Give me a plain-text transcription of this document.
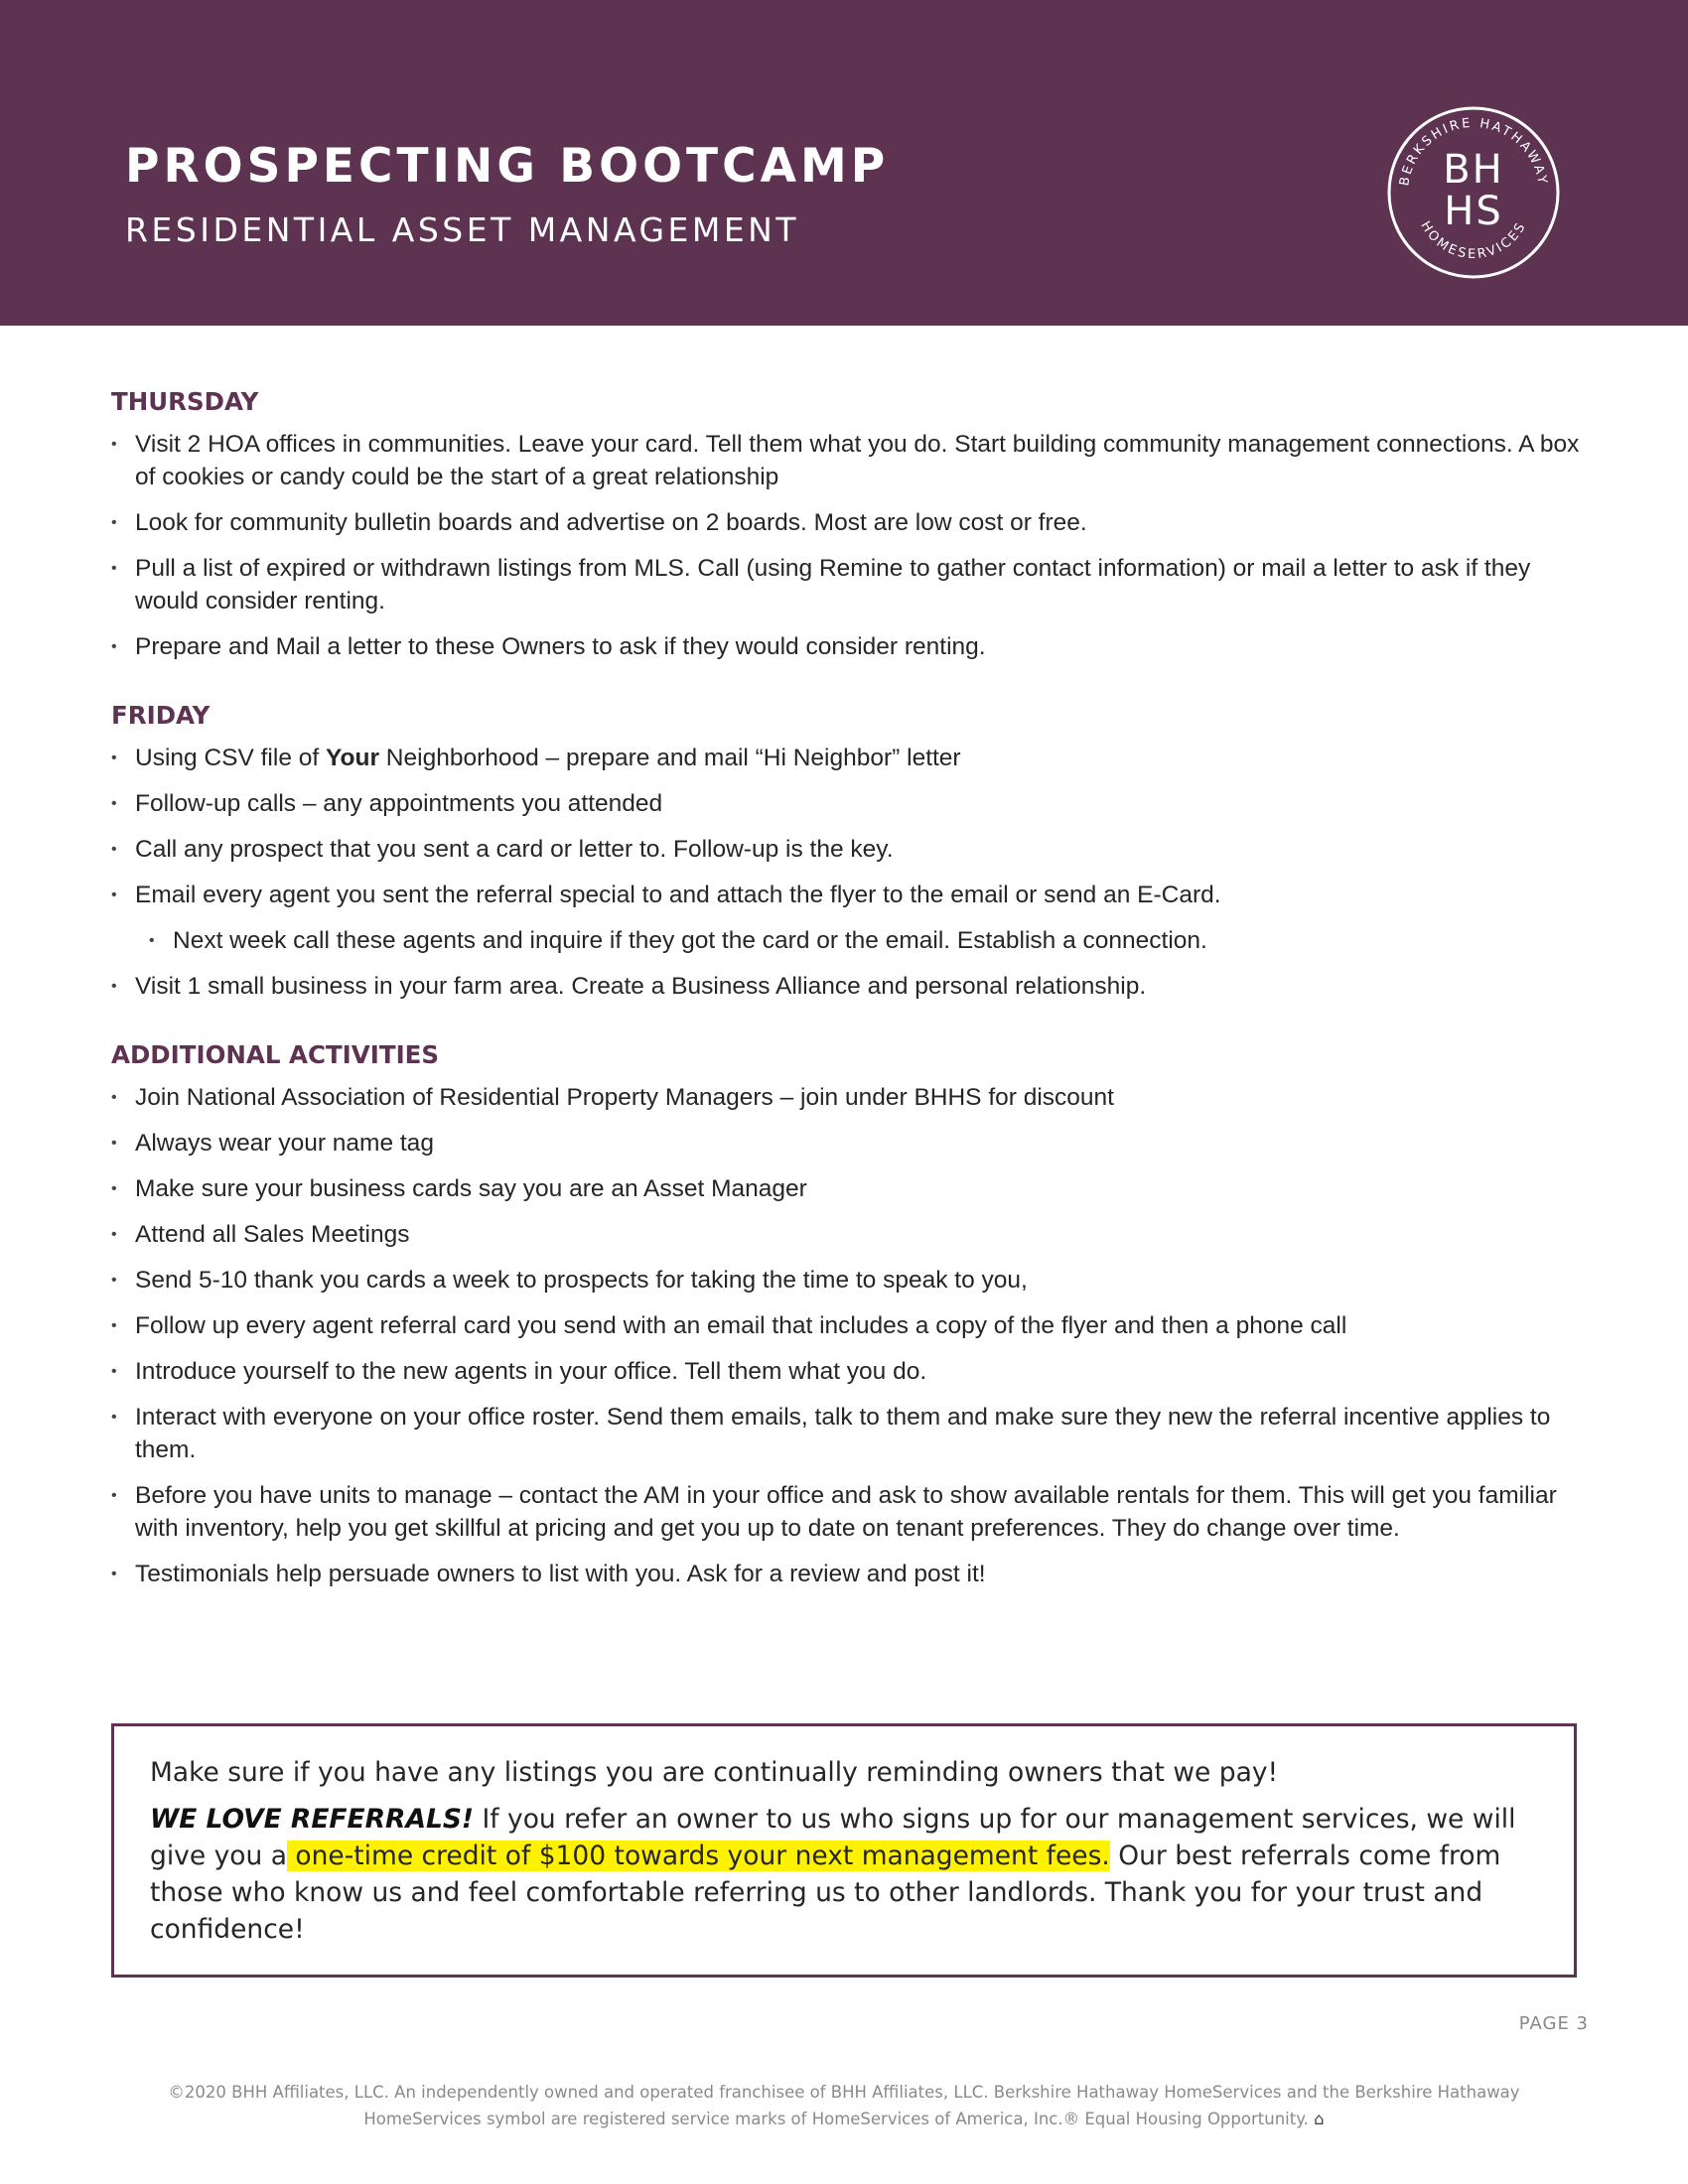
PROSPECTING BOOTCAMP
RESIDENTIAL ASSET MANAGEMENT
BERKSHIRE HATHAWAY
HOMESERVICES
BH
HS
THURSDAY
• Visit 2 HOA offices in communities. Leave your card. Tell them what you do. Start building community management connections. A box of cookies or candy could be the start of a great relationship
• Look for community bulletin boards and advertise on 2 boards. Most are low cost or free.
• Pull a list of expired or withdrawn listings from MLS. Call (using Remine to gather contact information) or mail a letter to ask if they would consider renting.
• Prepare and Mail a letter to these Owners to ask if they would consider renting.
FRIDAY
• Using CSV file of Your Neighborhood – prepare and mail “Hi Neighbor” letter
• Follow-up calls – any appointments you attended
• Call any prospect that you sent a card or letter to. Follow-up is the key.
• Email every agent you sent the referral special to and attach the flyer to the email or send an E-Card.
• Next week call these agents and inquire if they got the card or the email. Establish a connection.
• Visit 1 small business in your farm area. Create a Business Alliance and personal relationship.
ADDITIONAL ACTIVITIES
• Join National Association of Residential Property Managers – join under BHHS for discount
• Always wear your name tag
• Make sure your business cards say you are an Asset Manager
• Attend all Sales Meetings
• Send 5-10 thank you cards a week to prospects for taking the time to speak to you,
• Follow up every agent referral card you send with an email that includes a copy of the flyer and then a phone call
• Introduce yourself to the new agents in your office. Tell them what you do.
• Interact with everyone on your office roster. Send them emails, talk to them and make sure they new the referral incentive applies to them.
• Before you have units to manage – contact the AM in your office and ask to show available rentals for them. This will get you familiar with inventory, help you get skillful at pricing and get you up to date on tenant preferences. They do change over time.
• Testimonials help persuade owners to list with you. Ask for a review and post it!

Make sure if you have any listings you are continually reminding owners that we pay!

WE LOVE REFERRALS! If you refer an owner to us who signs up for our management services, we will give you a one-time credit of $100 towards your next management fees. Our best referrals come from those who know us and feel comfortable referring us to other landlords. Thank you for your trust and confidence!

PAGE 3
©2020 BHH Affiliates, LLC. An independently owned and operated franchisee of BHH Affiliates, LLC. Berkshire Hathaway HomeServices and the Berkshire Hathaway
HomeServices symbol are registered service marks of HomeServices of America, Inc.® Equal Housing Opportunity. ⌂
